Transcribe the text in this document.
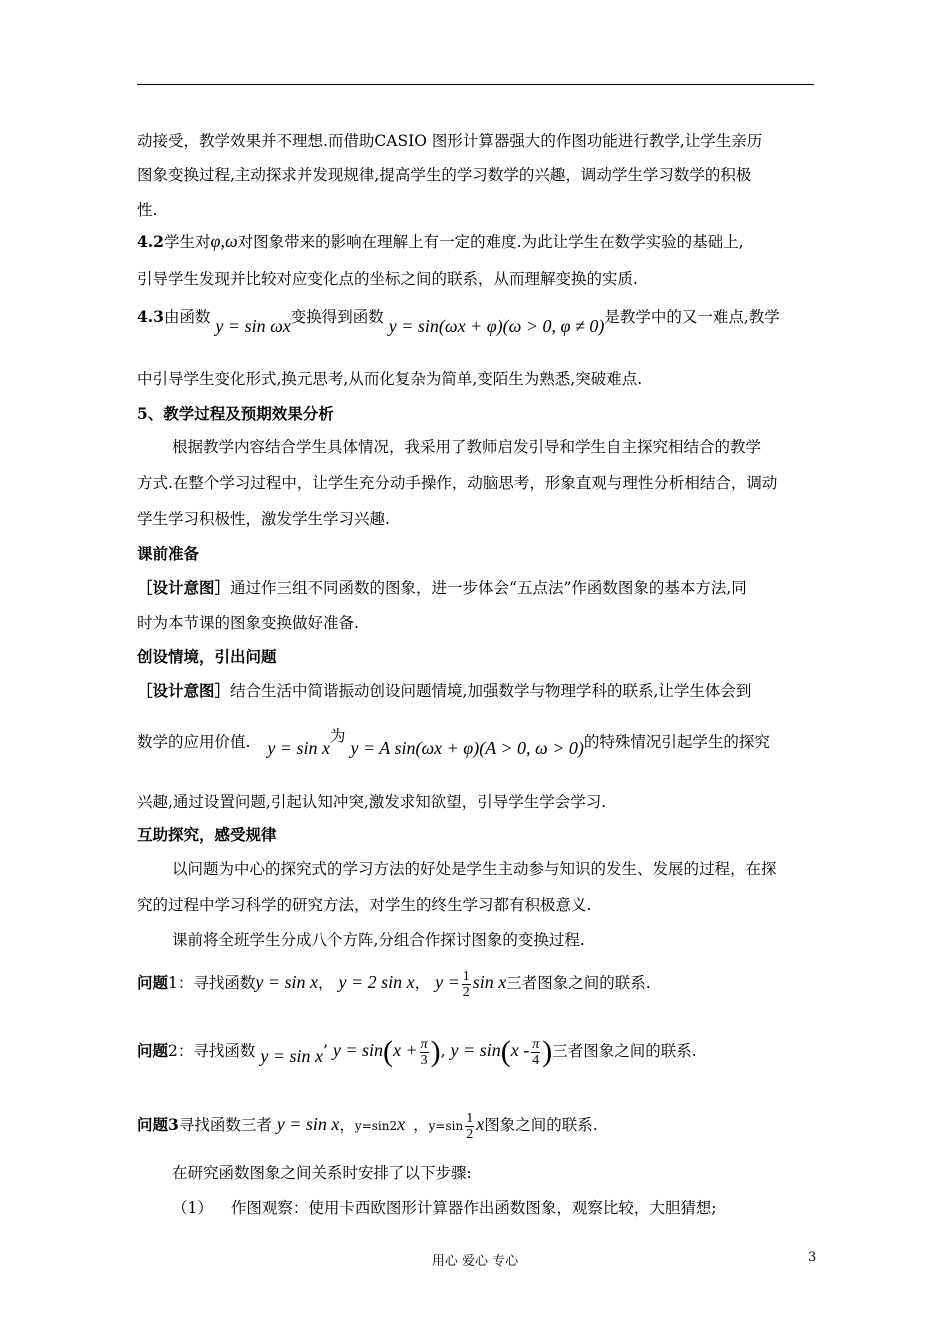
动接受，教学效果并不理想.而借助CASIO 图形计算器强大的作图功能进行教学,让学生亲历
图象变换过程,主动探求并发现规律,提高学生的学习数学的兴趣，调动学生学习数学的积极
性.
4.2学生对φ,ω对图象带来的影响在理解上有一定的难度.为此让学生在数学实验的基础上,
引导学生发现并比较对应变化点的坐标之间的联系，从而理解变换的实质.
4.3由函数 y = sin ωx变换得到函数 y = sin(ωx + φ)(ω > 0, φ ≠ 0)是教学中的又一难点,教学
中引导学生变化形式,换元思考,从而化复杂为简单,变陌生为熟悉,突破难点.
5、教学过程及预期效果分析
根据教学内容结合学生具体情况，我采用了教师启发引导和学生自主探究相结合的教学
方式.在整个学习过程中，让学生充分动手操作，动脑思考，形象直观与理性分析相结合，调动
学生学习积极性，激发学生学习兴趣.
课前准备
［设计意图］通过作三组不同函数的图象，进一步体会“五点法”作函数图象的基本方法,同
时为本节课的图象变换做好准备.
创设情境，引出问题
［设计意图］结合生活中简谐振动创设问题情境,加强数学与物理学科的联系,让学生体会到
数学的应用价值. y = sin x为 y = A sin(ωx + φ)(A > 0, ω > 0)的特殊情况引起学生的探究
兴趣,通过设置问题,引起认知冲突,激发求知欲望，引导学生学会学习.
互助探究，感受规律
以问题为中心的探究式的学习方法的好处是学生主动参与知识的发生、发展的过程，在探
究的过程中学习科学的研究方法，对学生的终生学习都有积极意义.
课前将全班学生分成八个方阵,分组合作探讨图象的变换过程.
问题1：寻找函数y = sin x， y = 2 sin x， $y = \frac{1}{2}$ sin x三者图象之间的联系.
问题2：寻找函数 y = sin x’ $y = \sin(x + \frac{\pi}{3}$ ), $y = \sin(x - \frac{\pi}{4}$ )三者图象之间的联系.
问题3寻找函数三者 y = sin x，y=sin2x ，$y=\sin \frac{1}{2}$ x图象之间的联系.
在研究函数图象之间关系时安排了以下步骤:
（1） 作图观察：使用卡西欧图形计算器作出函数图象，观察比较，大胆猜想;
用心 爱心 专心	3
